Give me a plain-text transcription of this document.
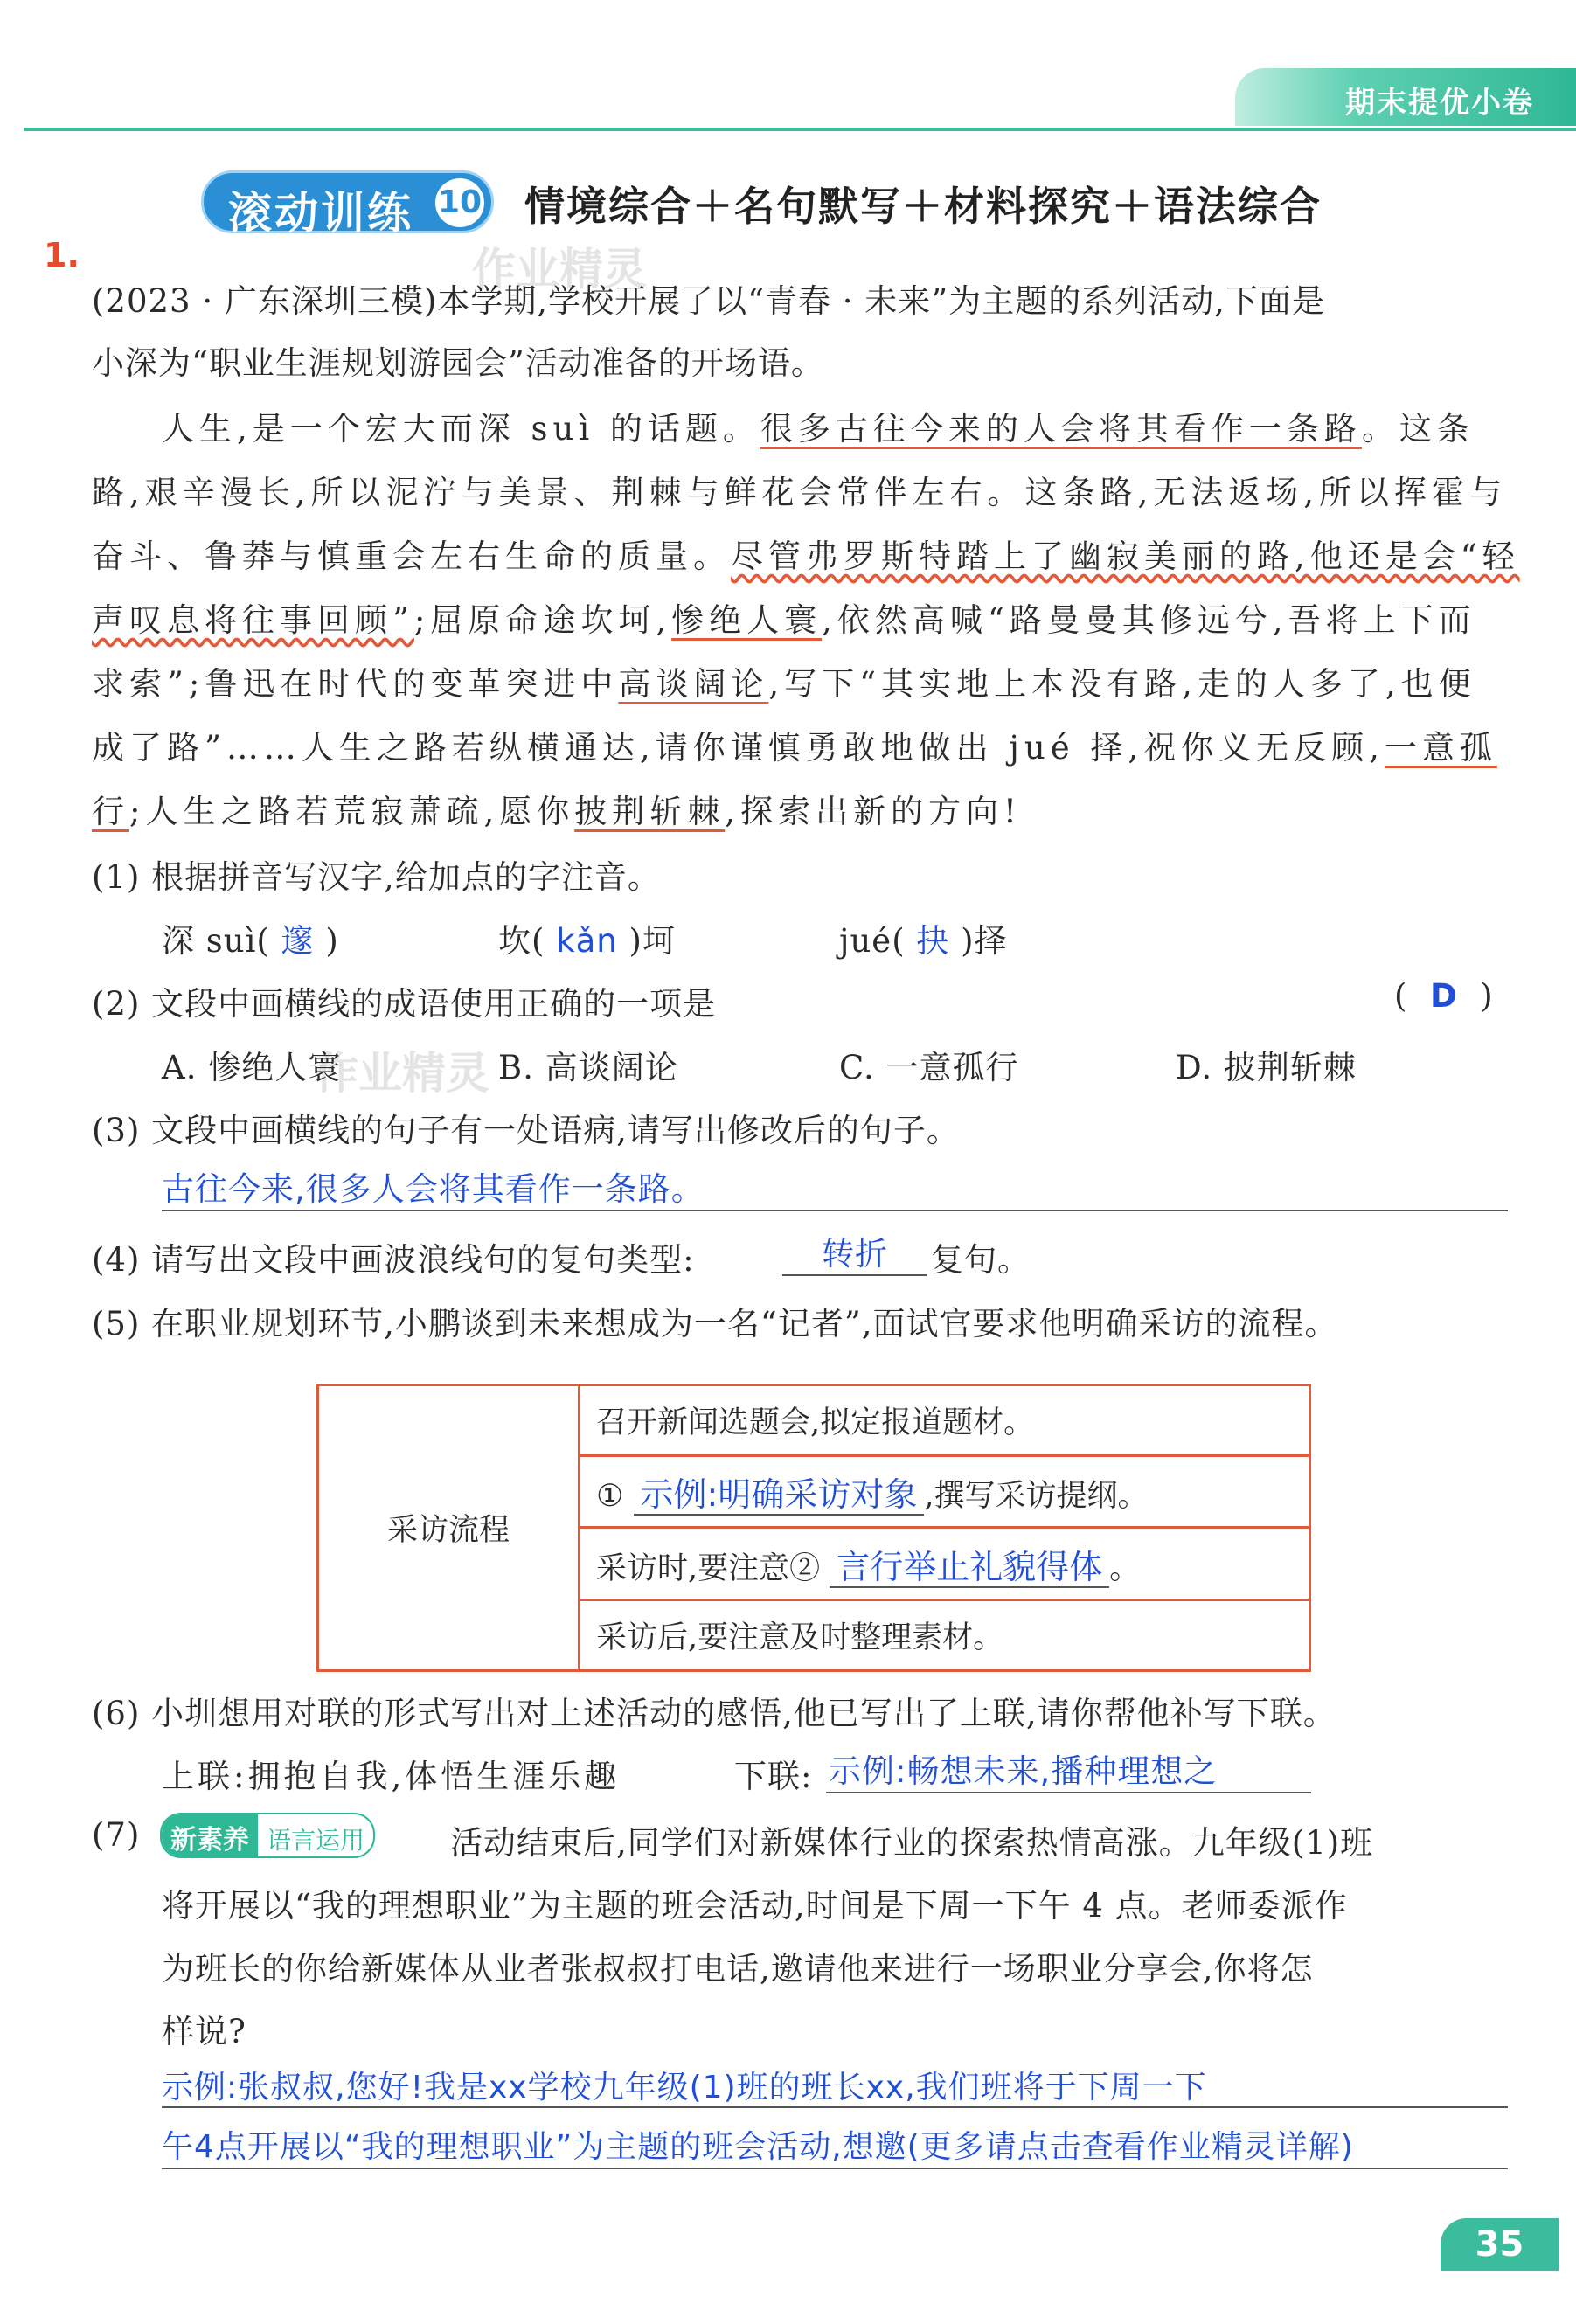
期末提优小卷
滚动训练 10 情境综合＋名句默写＋材料探究＋语法综合
作业精灵
作业精灵
1.
(2023 · 广东深圳三模)本学期,学校开展了以“青春 · 未来”为主题的系列活动,下面是
小深为“职业生涯规划游园会”活动准备的开场语。
人生,是一个宏大而深 suì 的话题。很多古往今来的人会将其看作一条路。这条
路,艰辛漫长,所以泥泞与美景、荆棘与鲜花会常伴左右。这条路,无法返场,所以挥霍与
奋斗、鲁莽与慎重会左右生命的质量。尽管弗罗斯特踏上了幽寂美丽的路,他还是会“轻
声叹息将往事回顾”;屈原命途坎坷,惨绝人寰,依然高喊“路曼曼其修远兮,吾将上下而
求索”;鲁迅在时代的变革突进中高谈阔论,写下“其实地上本没有路,走的人多了,也便
成了路”……人生之路若纵横通达,请你谨慎勇敢地做出 jué 择,祝你义无反顾,一意孤
行;人生之路若荒寂萧疏,愿你披荆斩棘,探索出新的方向!
(1) 根据拼音写汉字,给加点的字注音。
深 suì( 邃 )	坎( kǎn )坷	jué( 抉 )择
(2) 文段中画横线的成语使用正确的一项是	( D )
A. 惨绝人寰	B. 高谈阔论	C. 一意孤行	D. 披荆斩棘
(3) 文段中画横线的句子有一处语病,请写出修改后的句子。
古往今来,很多人会将其看作一条路。
(4) 请写出文段中画波浪线句的复句类型:	转折 复句。
(5) 在职业规划环节,小鹏谈到未来想成为一名“记者”,面试官要求他明确采访的流程。
采访流程	召开新闻选题会,拟定报道题材。
① 示例:明确采访对象 ,撰写采访提纲。
采访时,要注意② 言行举止礼貌得体 。
采访后,要注意及时整理素材。
(6) 小圳想用对联的形式写出对上述活动的感悟,他已写出了上联,请你帮他补写下联。
上联:拥抱自我,体悟生涯乐趣	下联: 示例:畅想未来,播种理想之
(7)	新素养 语言运用	活动结束后,同学们对新媒体行业的探索热情高涨。九年级(1)班
将开展以“我的理想职业”为主题的班会活动,时间是下周一下午 4 点。老师委派作
为班长的你给新媒体从业者张叔叔打电话,邀请他来进行一场职业分享会,你将怎
样说?
示例:张叔叔,您好!我是xx学校九年级(1)班的班长xx,我们班将于下周一下
午4点开展以“我的理想职业”为主题的班会活动,想邀(更多请点击查看作业精灵详解)
35
